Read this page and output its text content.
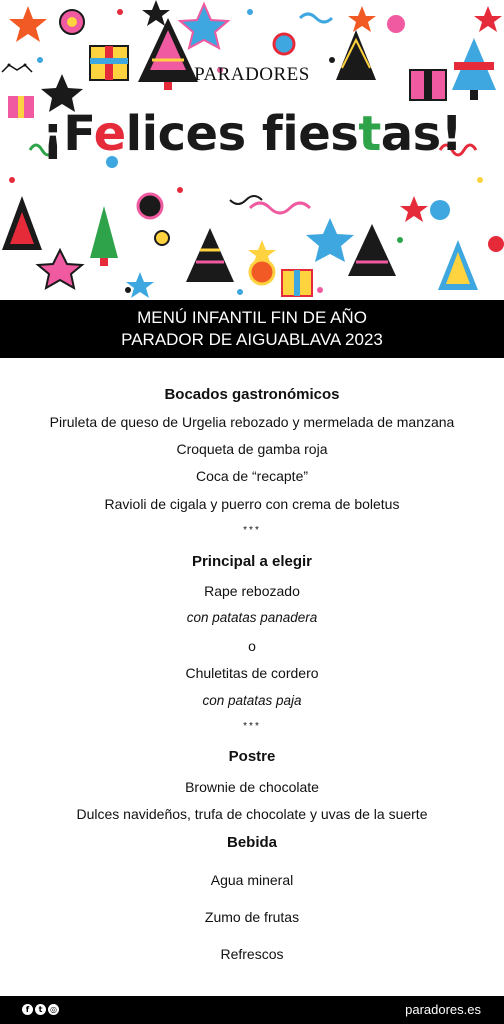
PARADORES
¡Felices fiestas!
MENÚ INFANTIL FIN DE AÑO
PARADOR DE AIGUABLAVA 2023
Bocados gastronómicos
Piruleta de queso de Urgelia rebozado y mermelada de manzana
Croqueta de gamba roja
Coca de “recapte”
Ravioli de cigala y puerro con crema de boletus
***
Principal a elegir
Rape rebozado
con patatas panadera
o
Chuletitas de cordero
con patatas paja
***
Postre
Brownie de chocolate
Dulces navideños, trufa de chocolate y uvas de la suerte
Bebida
Agua mineral
Zumo de frutas
Refrescos
f	t ◎	paradores.es
